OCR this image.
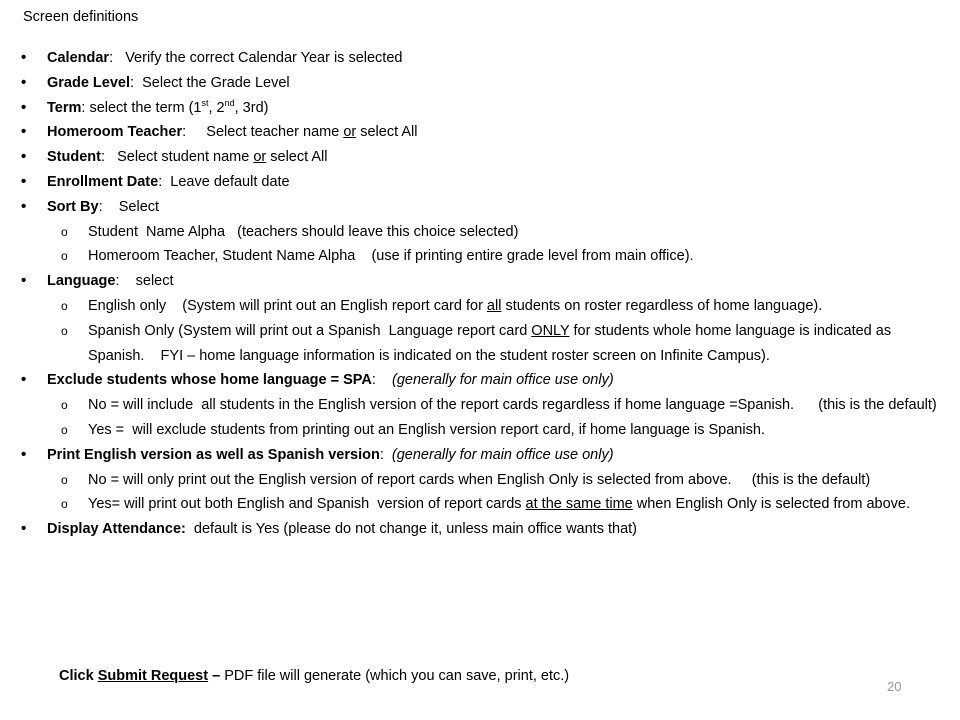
Screen definitions
• Calendar:   Verify the correct Calendar Year is selected
• Grade Level:  Select the Grade Level
• Term: select the term (1st, 2nd, 3rd)
• Homeroom Teacher:     Select teacher name or select All
• Student:   Select student name or select All
• Enrollment Date:  Leave default date
• Sort By:    Select
o Student  Name Alpha   (teachers should leave this choice selected)
o Homeroom Teacher, Student Name Alpha    (use if printing entire grade level from main office).
• Language:    select
o English only    (System will print out an English report card for all students on roster regardless of home language).
o Spanish Only (System will print out a Spanish  Language report card ONLY for students whole home language is indicated as Spanish.    FYI – home language information is indicated on the student roster screen on Infinite Campus).
• Exclude students whose home language = SPA:    (generally for main office use only)
o No = will include  all students in the English version of the report cards regardless if home language =Spanish.      (this is the default)
o Yes =  will exclude students from printing out an English version report card, if home language is Spanish.
• Print English version as well as Spanish version:  (generally for main office use only)
o No = will only print out the English version of report cards when English Only is selected from above.     (this is the default)
o Yes= will print out both English and Spanish  version of report cards at the same time when English Only is selected from above.
• Display Attendance: default is Yes (please do not change it, unless main office wants that)
Click Submit Request – PDF file will generate (which you can save, print, etc.)
20
